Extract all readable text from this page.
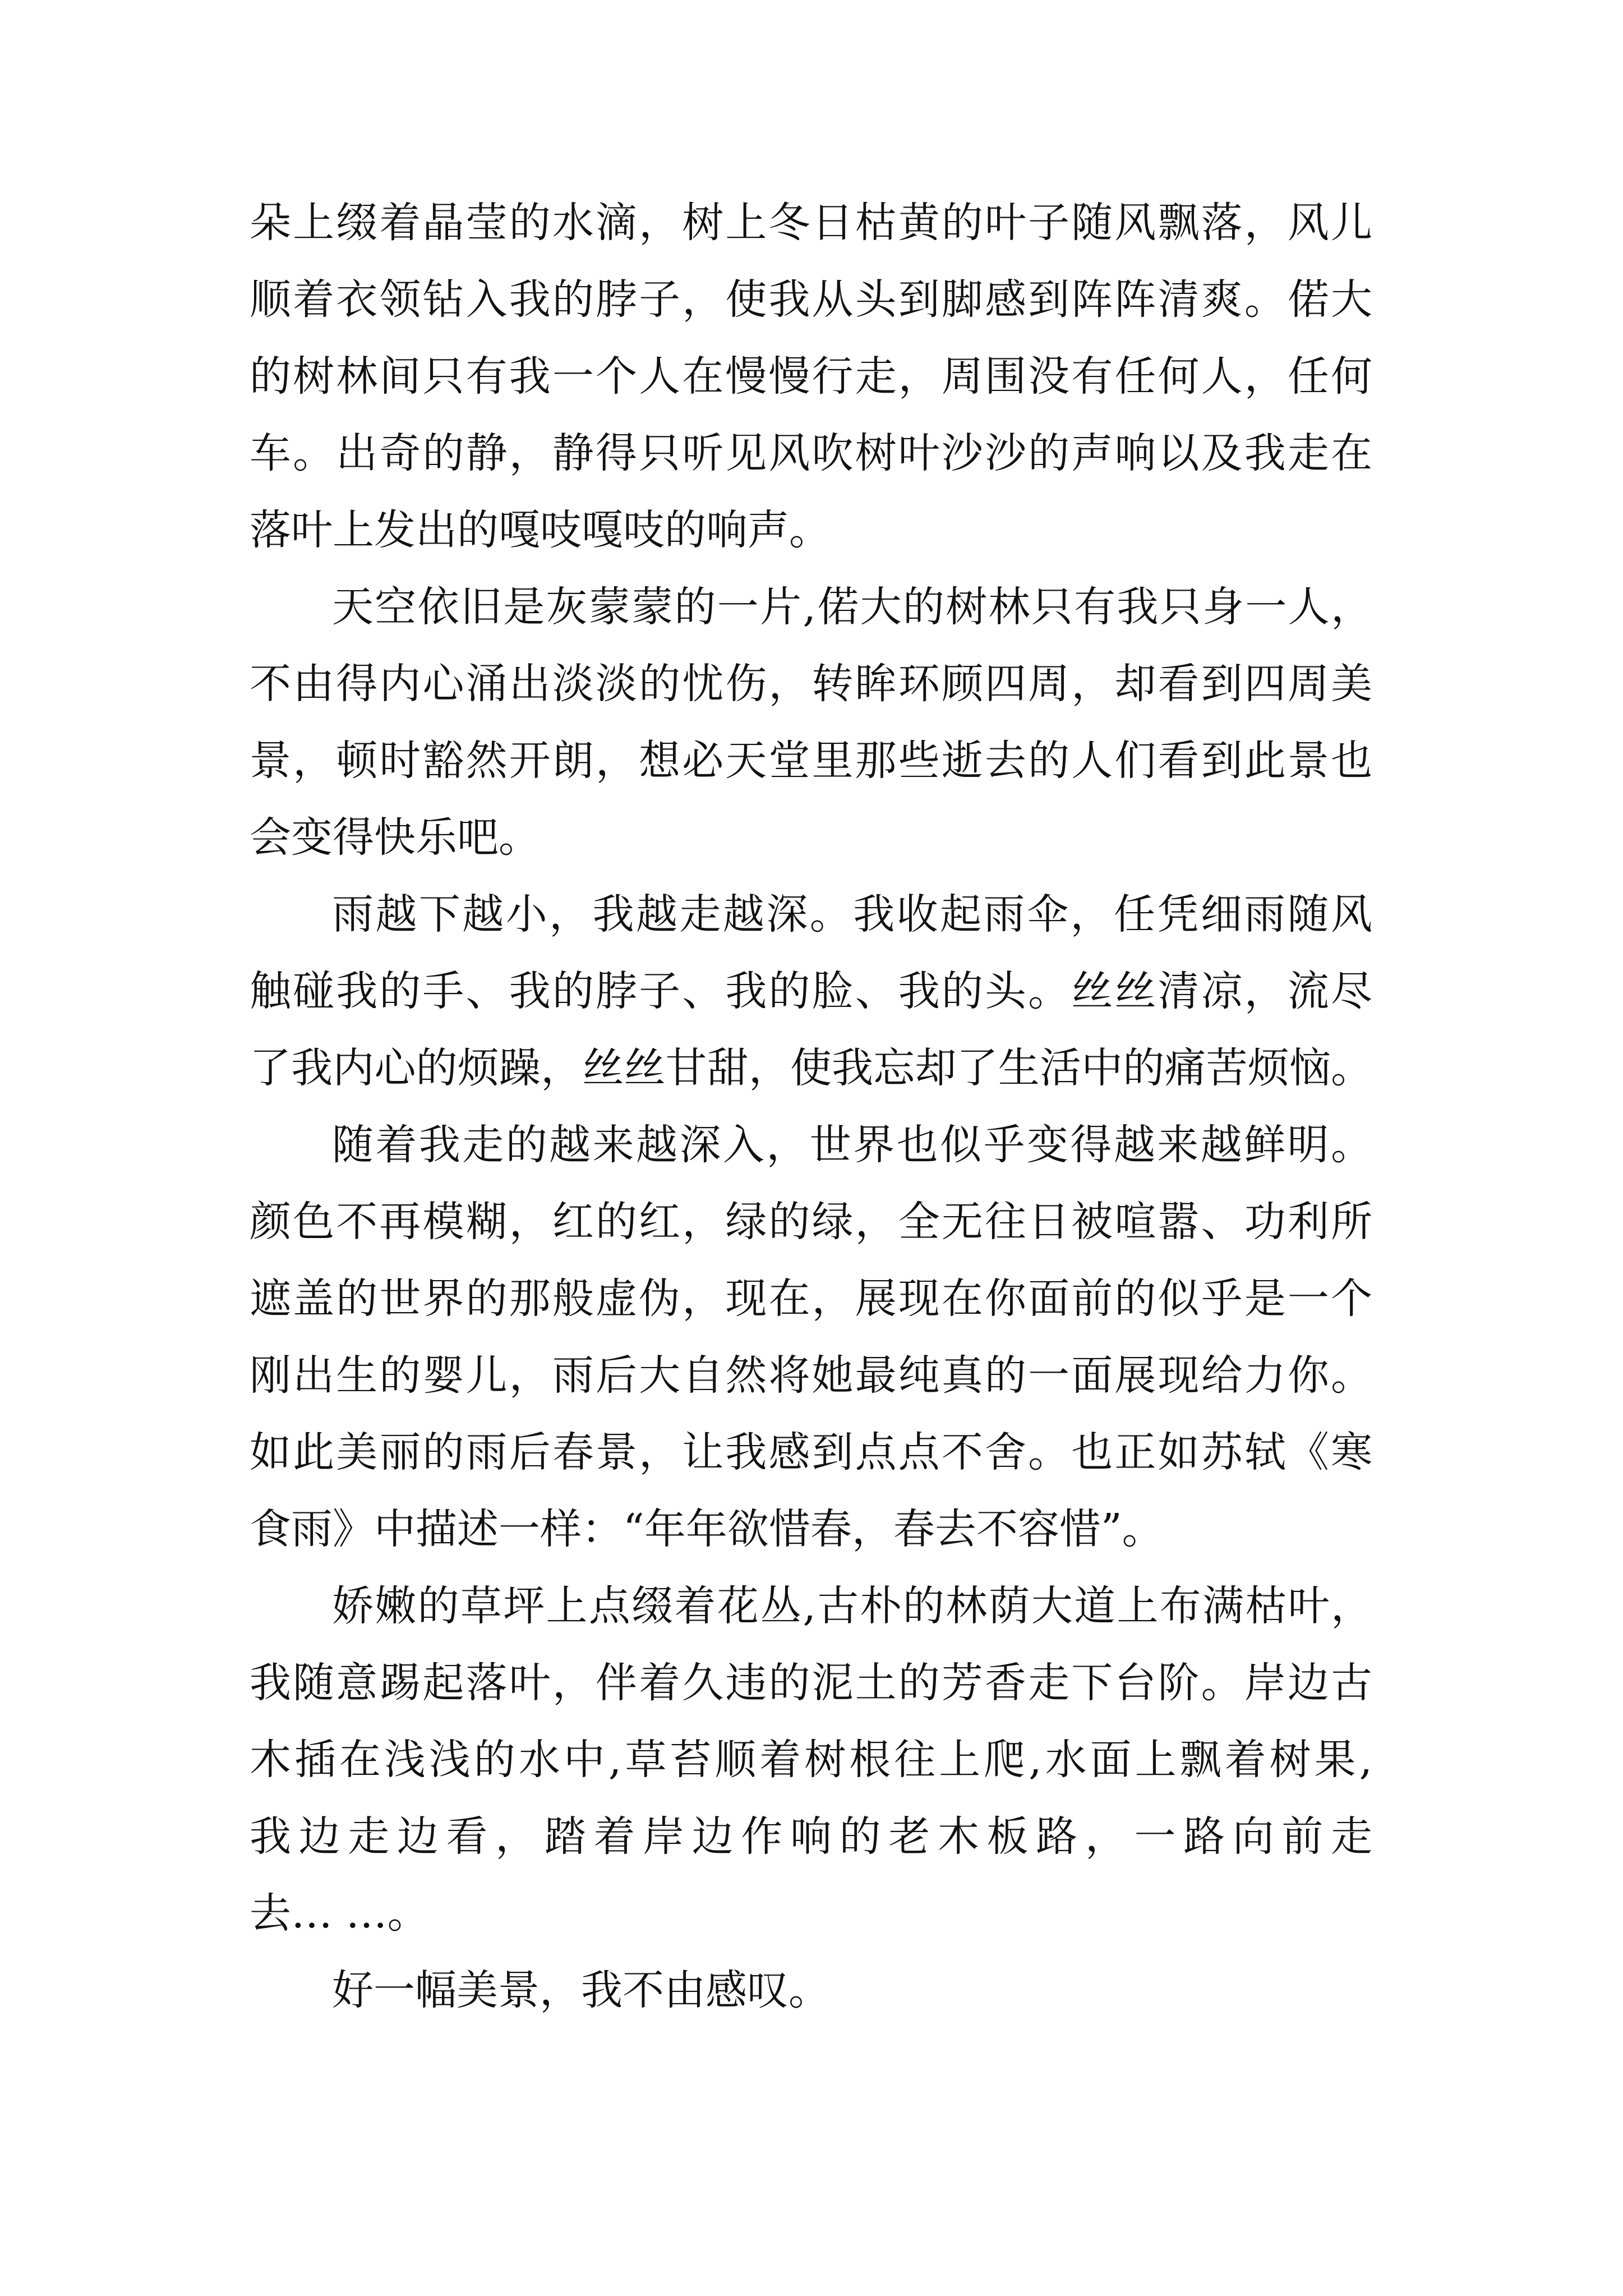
朵上缀着晶莹的水滴，树上冬日枯黄的叶子随风飘落，风儿

顺着衣领钻入我的脖子，使我从头到脚感到阵阵清爽。偌大

的树林间只有我一个人在慢慢行走，周围没有任何人，任何

车。出奇的静，静得只听见风吹树叶沙沙的声响以及我走在

落叶上发出的嘎吱嘎吱的响声。

天空依旧是灰蒙蒙的一片,偌大的树林只有我只身一人，

不由得内心涌出淡淡的忧伤，转眸环顾四周，却看到四周美

景，顿时豁然开朗，想必天堂里那些逝去的人们看到此景也

会变得快乐吧。

雨越下越小，我越走越深。我收起雨伞，任凭细雨随风

触碰我的手、我的脖子、我的脸、我的头。丝丝清凉，流尽

了我内心的烦躁，丝丝甘甜，使我忘却了生活中的痛苦烦恼。

随着我走的越来越深入，世界也似乎变得越来越鲜明。

颜色不再模糊，红的红，绿的绿，全无往日被喧嚣、功利所

遮盖的世界的那般虚伪，现在，展现在你面前的似乎是一个

刚出生的婴儿，雨后大自然将她最纯真的一面展现给力你。

如此美丽的雨后春景，让我感到点点不舍。也正如苏轼《寒

食雨》中描述一样：“年年欲惜春，春去不容惜”。

娇嫩的草坪上点缀着花丛,古朴的林荫大道上布满枯叶，

我随意踢起落叶，伴着久违的泥土的芳香走下台阶。岸边古

木插在浅浅的水中,草苔顺着树根往上爬,水面上飘着树果,

我边走边看，踏着岸边作响的老木板路，一路向前走

去… …。

好一幅美景，我不由感叹。
